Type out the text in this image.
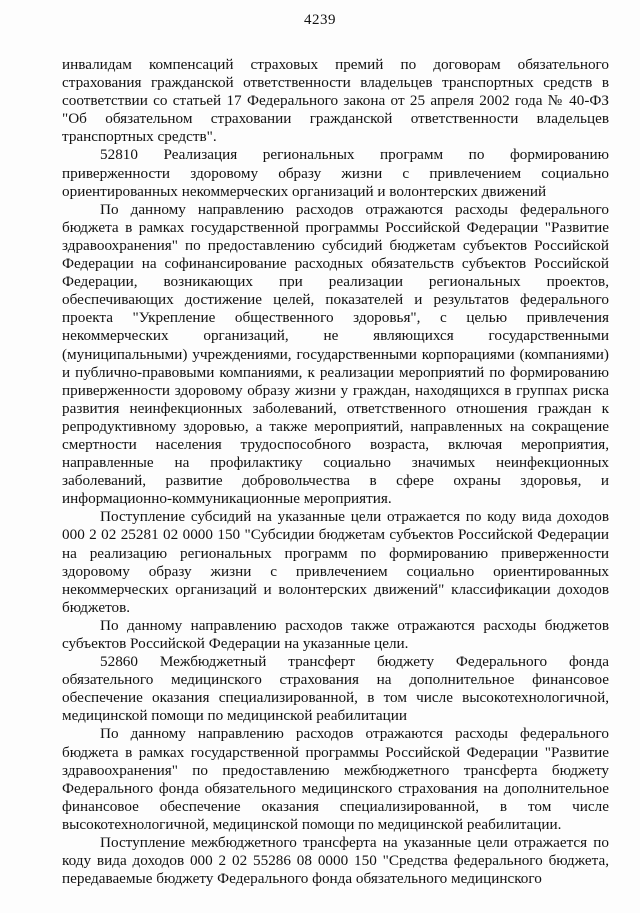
4239

инвалидам компенсаций страховых премий по договорам обязательного страхования гражданской ответственности владельцев транспортных средств в соответствии со статьей 17 Федерального закона от 25 апреля 2002 года № 40-ФЗ "Об обязательном страховании гражданской ответственности владельцев транспортных средств".

52810 Реализация региональных программ по формированию приверженности здоровому образу жизни с привлечением социально ориентированных некоммерческих организаций и волонтерских движений

По данному направлению расходов отражаются расходы федерального бюджета в рамках государственной программы Российской Федерации "Развитие здравоохранения" по предоставлению субсидий бюджетам субъектов Российской Федерации на софинансирование расходных обязательств субъектов Российской Федерации, возникающих при реализации региональных проектов, обеспечивающих достижение целей, показателей и результатов федерального проекта "Укрепление общественного здоровья", с целью привлечения некоммерческих организаций, не являющихся государственными (муниципальными) учреждениями, государственными корпорациями (компаниями) и публично-правовыми компаниями, к реализации мероприятий по формированию приверженности здоровому образу жизни у граждан, находящихся в группах риска развития неинфекционных заболеваний, ответственного отношения граждан к репродуктивному здоровью, а также мероприятий, направленных на сокращение смертности населения трудоспособного возраста, включая мероприятия, направленные на профилактику социально значимых неинфекционных заболеваний, развитие добровольчества в сфере охраны здоровья, и информационно-коммуникационные мероприятия.

Поступление субсидий на указанные цели отражается по коду вида доходов 000 2 02 25281 02 0000 150 "Субсидии бюджетам субъектов Российской Федерации на реализацию региональных программ по формированию приверженности здоровому образу жизни с привлечением социально ориентированных некоммерческих организаций и волонтерских движений" классификации доходов бюджетов.

По данному направлению расходов также отражаются расходы бюджетов субъектов Российской Федерации на указанные цели.

52860 Межбюджетный трансферт бюджету Федерального фонда обязательного медицинского страхования на дополнительное финансовое обеспечение оказания специализированной, в том числе высокотехнологичной, медицинской помощи по медицинской реабилитации

По данному направлению расходов отражаются расходы федерального бюджета в рамках государственной программы Российской Федерации "Развитие здравоохранения" по предоставлению межбюджетного трансферта бюджету Федерального фонда обязательного медицинского страхования на дополнительное финансовое обеспечение оказания специализированной, в том числе высокотехнологичной, медицинской помощи по медицинской реабилитации.

Поступление межбюджетного трансферта на указанные цели отражается по коду вида доходов 000 2 02 55286 08 0000 150 "Средства федерального бюджета, передаваемые бюджету Федерального фонда обязательного медицинского
